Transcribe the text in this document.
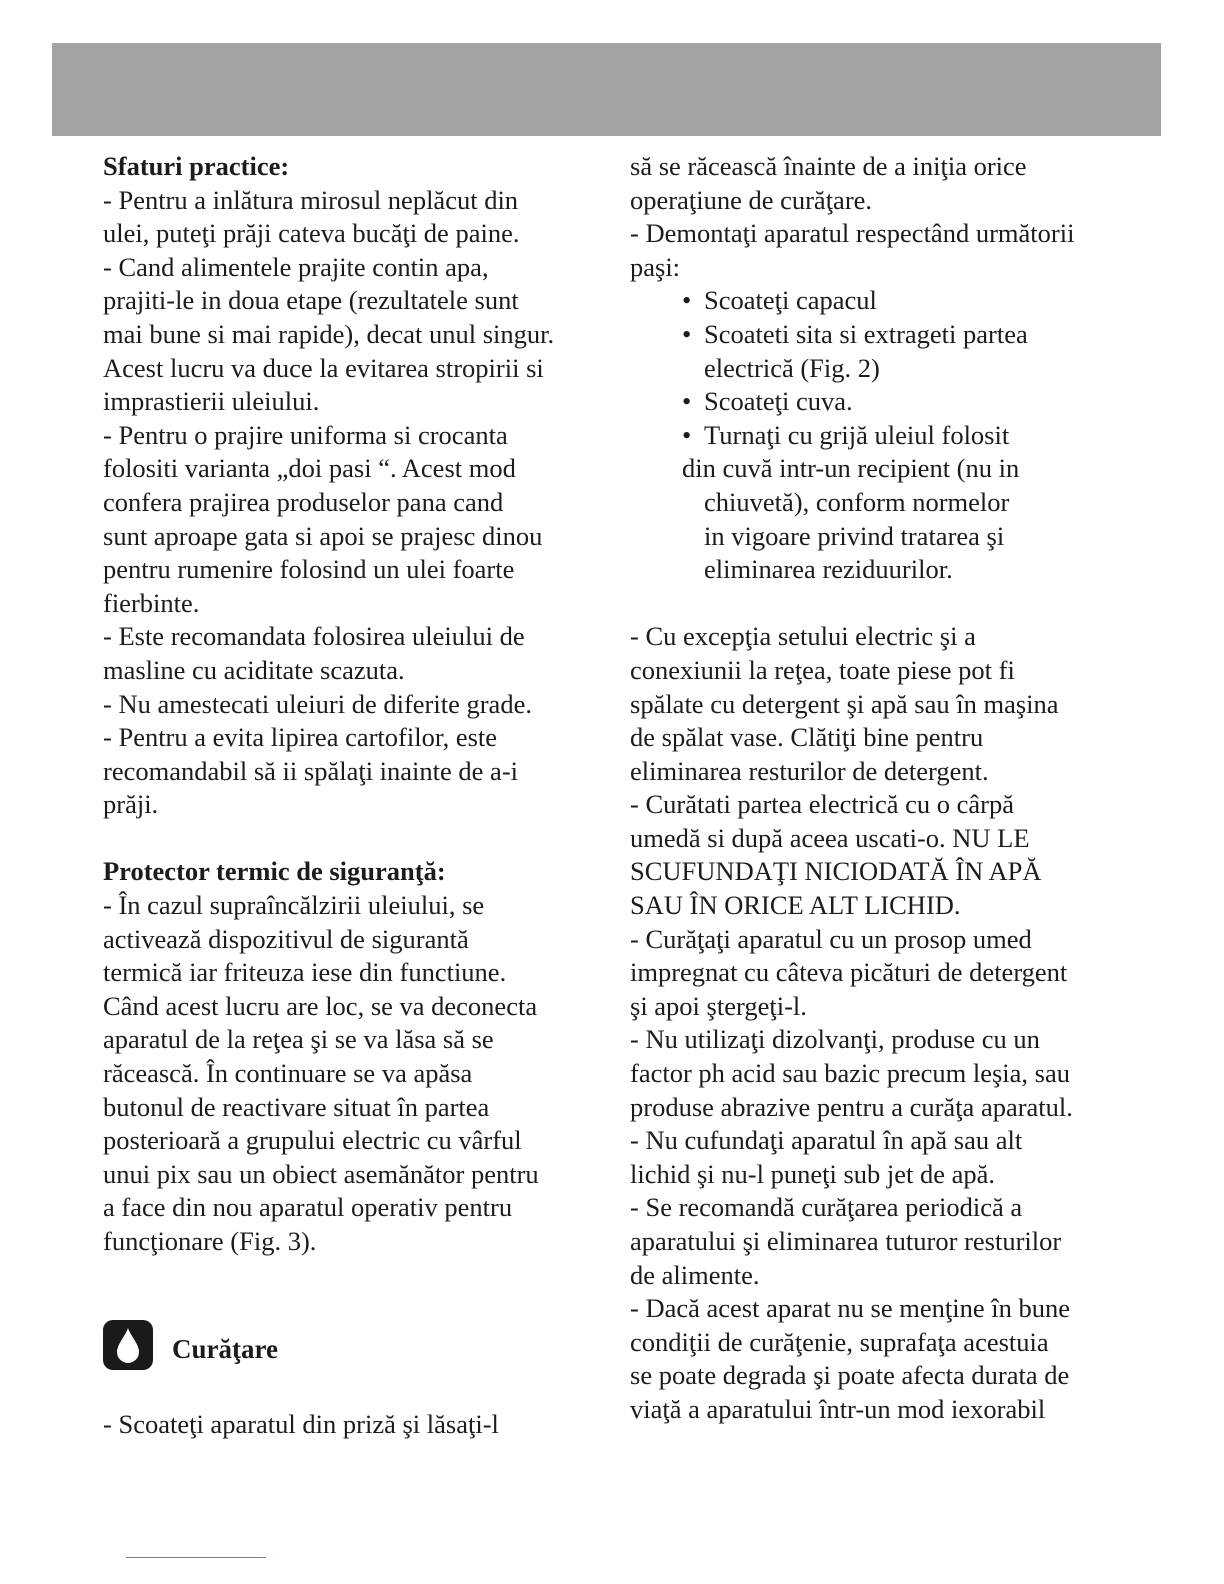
Sfaturi practice:
- Pentru a inlătura mirosul neplăcut din
ulei, puteţi prăji cateva bucăţi de paine.
- Cand alimentele prajite contin apa,
prajiti-le in doua etape (rezultatele sunt
mai bune si mai rapide), decat unul singur.
Acest lucru va duce la evitarea stropirii si
imprastierii uleiului.
- Pentru o prajire uniforma si crocanta
folositi varianta „doi pasi “. Acest mod
confera prajirea produselor pana cand
sunt aproape gata si apoi se prajesc dinou
pentru rumenire folosind un ulei foarte
fierbinte.
- Este recomandata folosirea uleiului de
masline cu aciditate scazuta.
- Nu amestecati uleiuri de diferite grade.
- Pentru a evita lipirea cartofilor, este
recomandabil să ii spălaţi inainte de a-i
prăji.
Protector termic de siguranţă:
- În cazul supraîncălzirii uleiului, se
activează dispozitivul de sigurantă
termică iar friteuza iese din functiune.
Când acest lucru are loc, se va deconecta
aparatul de la reţea şi se va lăsa să se
răcească. În continuare se va apăsa
butonul de reactivare situat în partea
posterioară a grupului electric cu vârful
unui pix sau un obiect asemănător pentru
a face din nou aparatul operativ pentru
funcţionare (Fig. 3).
Curăţare
- Scoateţi aparatul din priză şi lăsaţi-l
să se răcească înainte de a iniţia orice
operaţiune de curăţare.
- Demontaţi aparatul respectând următorii
paşi:
• Scoateţi capacul
• Scoateti sita si extrageti partea
electrică (Fig. 2)
• Scoateţi cuva.
• Turnaţi cu grijă uleiul folosit
din cuvă intr-un recipient (nu in
chiuvetă), conform normelor
in vigoare privind tratarea şi
eliminarea reziduurilor.
- Cu excepţia setului electric şi a
conexiunii la reţea, toate piese pot fi
spălate cu detergent şi apă sau în maşina
de spălat vase. Clătiţi bine pentru
eliminarea resturilor de detergent.
- Curătati partea electrică cu o cârpă
umedă si după aceea uscati-o. NU LE
SCUFUNDAŢI NICIODATĂ ÎN APĂ
SAU ÎN ORICE ALT LICHID.
- Curăţaţi aparatul cu un prosop umed
impregnat cu câteva picături de detergent
şi apoi ştergeţi-l.
- Nu utilizaţi dizolvanţi, produse cu un
factor ph acid sau bazic precum leşia, sau
produse abrazive pentru a curăţa aparatul.
- Nu cufundaţi aparatul în apă sau alt
lichid şi nu-l puneţi sub jet de apă.
- Se recomandă curăţarea periodică a
aparatului şi eliminarea tuturor resturilor
de alimente.
- Dacă acest aparat nu se menţine în bune
condiţii de curăţenie, suprafaţa acestuia
se poate degrada şi poate afecta durata de
viaţă a aparatului într-un mod iexorabil
